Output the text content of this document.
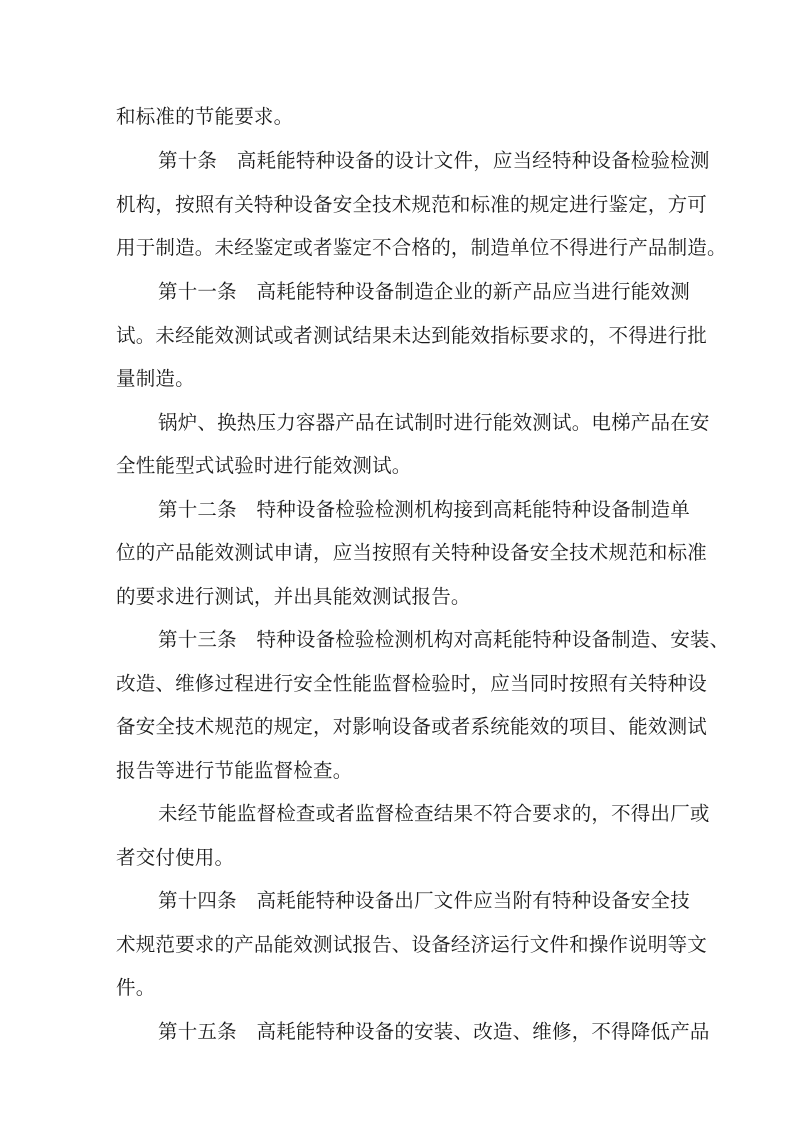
和标准的节能要求。
第十条　高耗能特种设备的设计文件，应当经特种设备检验检测
机构，按照有关特种设备安全技术规范和标准的规定进行鉴定，方可
用于制造。未经鉴定或者鉴定不合格的，制造单位不得进行产品制造。
第十一条　高耗能特种设备制造企业的新产品应当进行能效测
试。未经能效测试或者测试结果未达到能效指标要求的，不得进行批
量制造。
锅炉、换热压力容器产品在试制时进行能效测试。电梯产品在安
全性能型式试验时进行能效测试。
第十二条　特种设备检验检测机构接到高耗能特种设备制造单
位的产品能效测试申请，应当按照有关特种设备安全技术规范和标准
的要求进行测试，并出具能效测试报告。
第十三条　特种设备检验检测机构对高耗能特种设备制造、安装、
改造、维修过程进行安全性能监督检验时，应当同时按照有关特种设
备安全技术规范的规定，对影响设备或者系统能效的项目、能效测试
报告等进行节能监督检查。
未经节能监督检查或者监督检查结果不符合要求的，不得出厂或
者交付使用。
第十四条　高耗能特种设备出厂文件应当附有特种设备安全技
术规范要求的产品能效测试报告、设备经济运行文件和操作说明等文
件。
第十五条　高耗能特种设备的安装、改造、维修，不得降低产品
